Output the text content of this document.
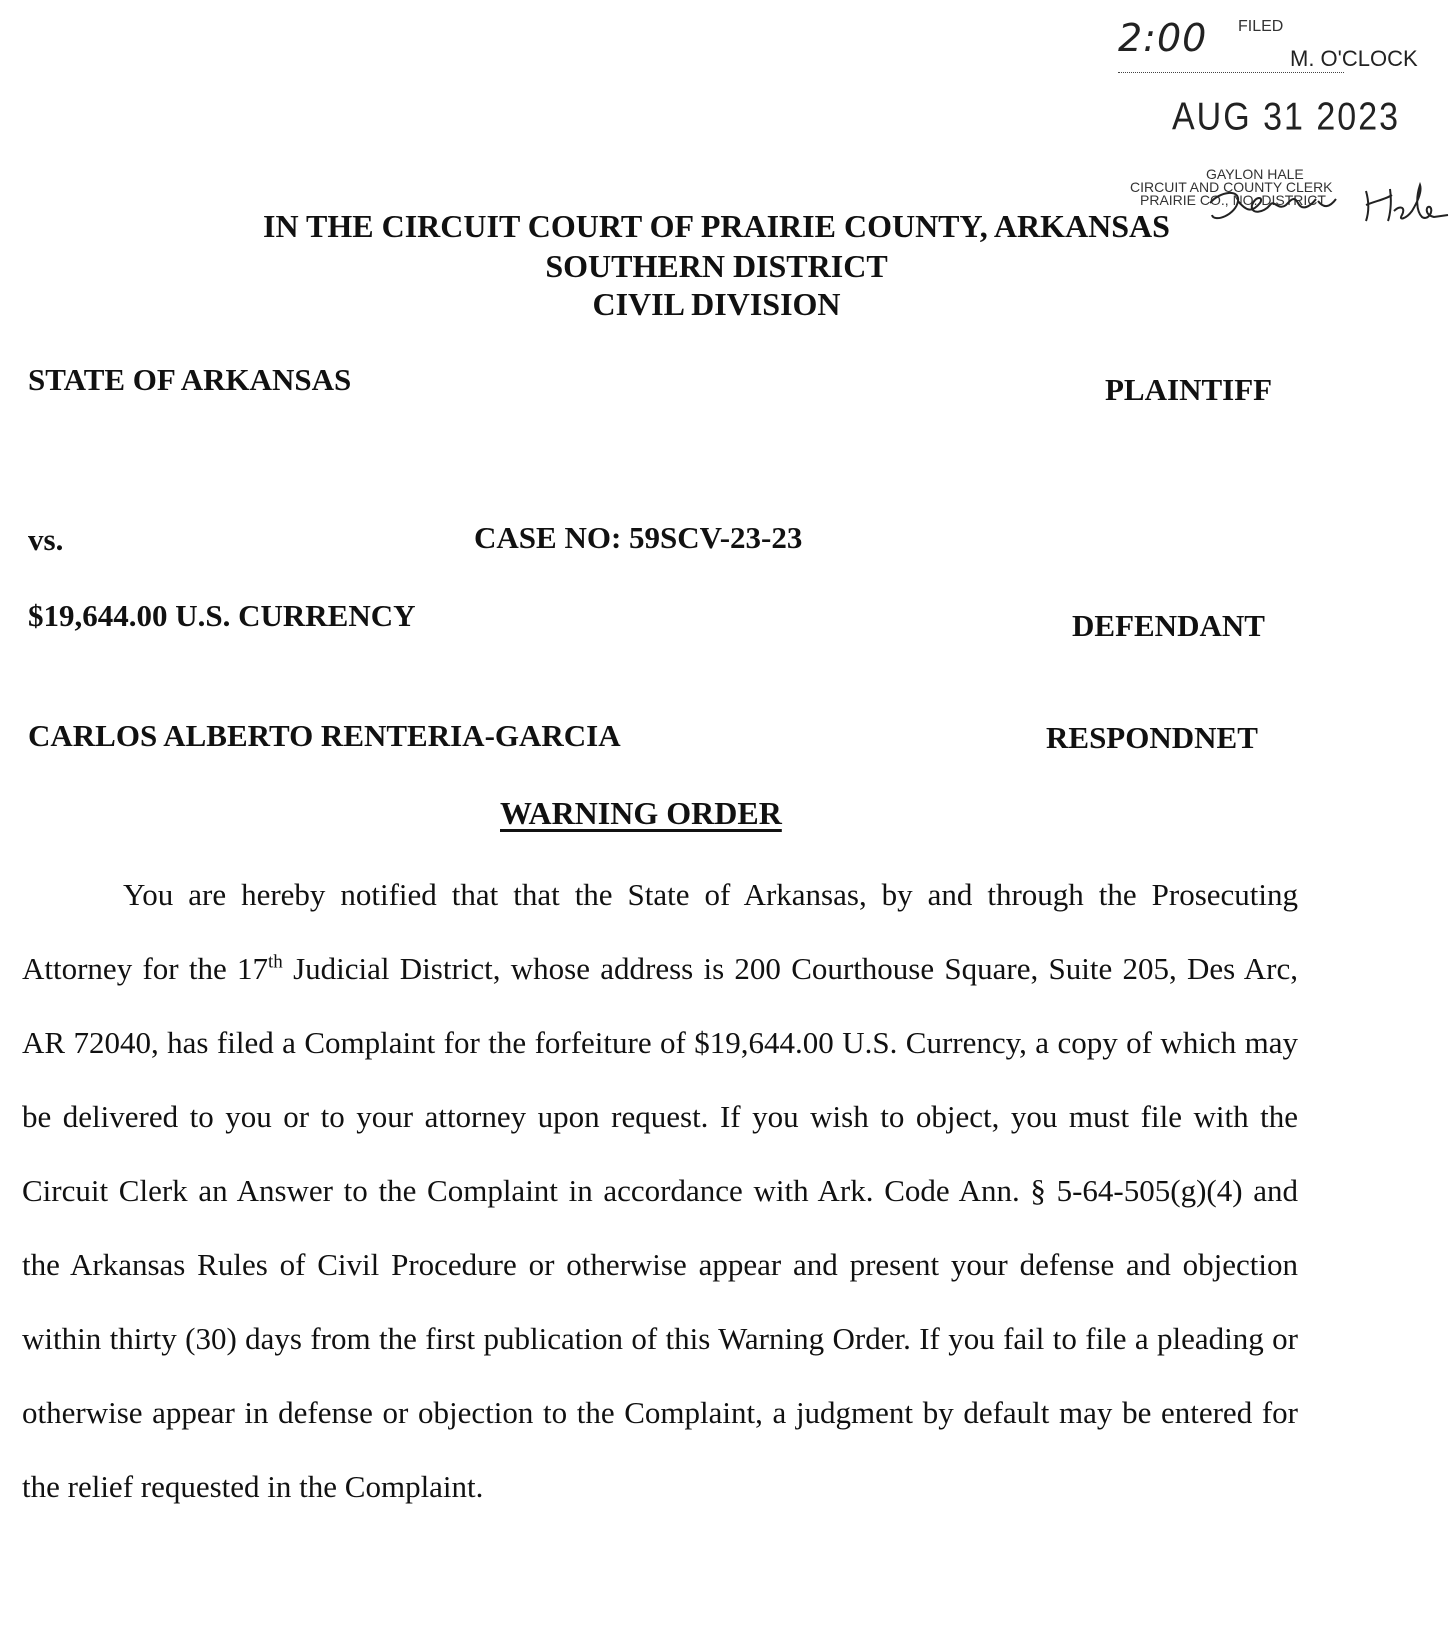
2:00 FILED
M. O'CLOCK
AUG 31 2023
GAYLON HALE
CIRCUIT AND COUNTY CLERK
PRAIRIE CO., NO. DISTRICT
IN THE CIRCUIT COURT OF PRAIRIE COUNTY, ARKANSAS
SOUTHERN DISTRICT
CIVIL DIVISION
STATE OF ARKANSAS	PLAINTIFF
vs.	CASE NO: 59SCV-23-23
$19,644.00 U.S. CURRENCY	DEFENDANT
CARLOS ALBERTO RENTERIA-GARCIA	RESPONDNET
WARNING ORDER

You are hereby notified that that the State of Arkansas, by and through the Prosecuting Attorney for the 17th Judicial District, whose address is 200 Courthouse Square, Suite 205, Des Arc, AR 72040, has filed a Complaint for the forfeiture of $19,644.00 U.S. Currency, a copy of which may be delivered to you or to your attorney upon request. If you wish to object, you must file with the Circuit Clerk an Answer to the Complaint in accordance with Ark. Code Ann. § 5-64-505(g)(4) and the Arkansas Rules of Civil Procedure or otherwise appear and present your defense and objection within thirty (30) days from the first publication of this Warning Order. If you fail to file a pleading or otherwise appear in defense or objection to the Complaint, a judgment by default may be entered for the relief requested in the Complaint.
